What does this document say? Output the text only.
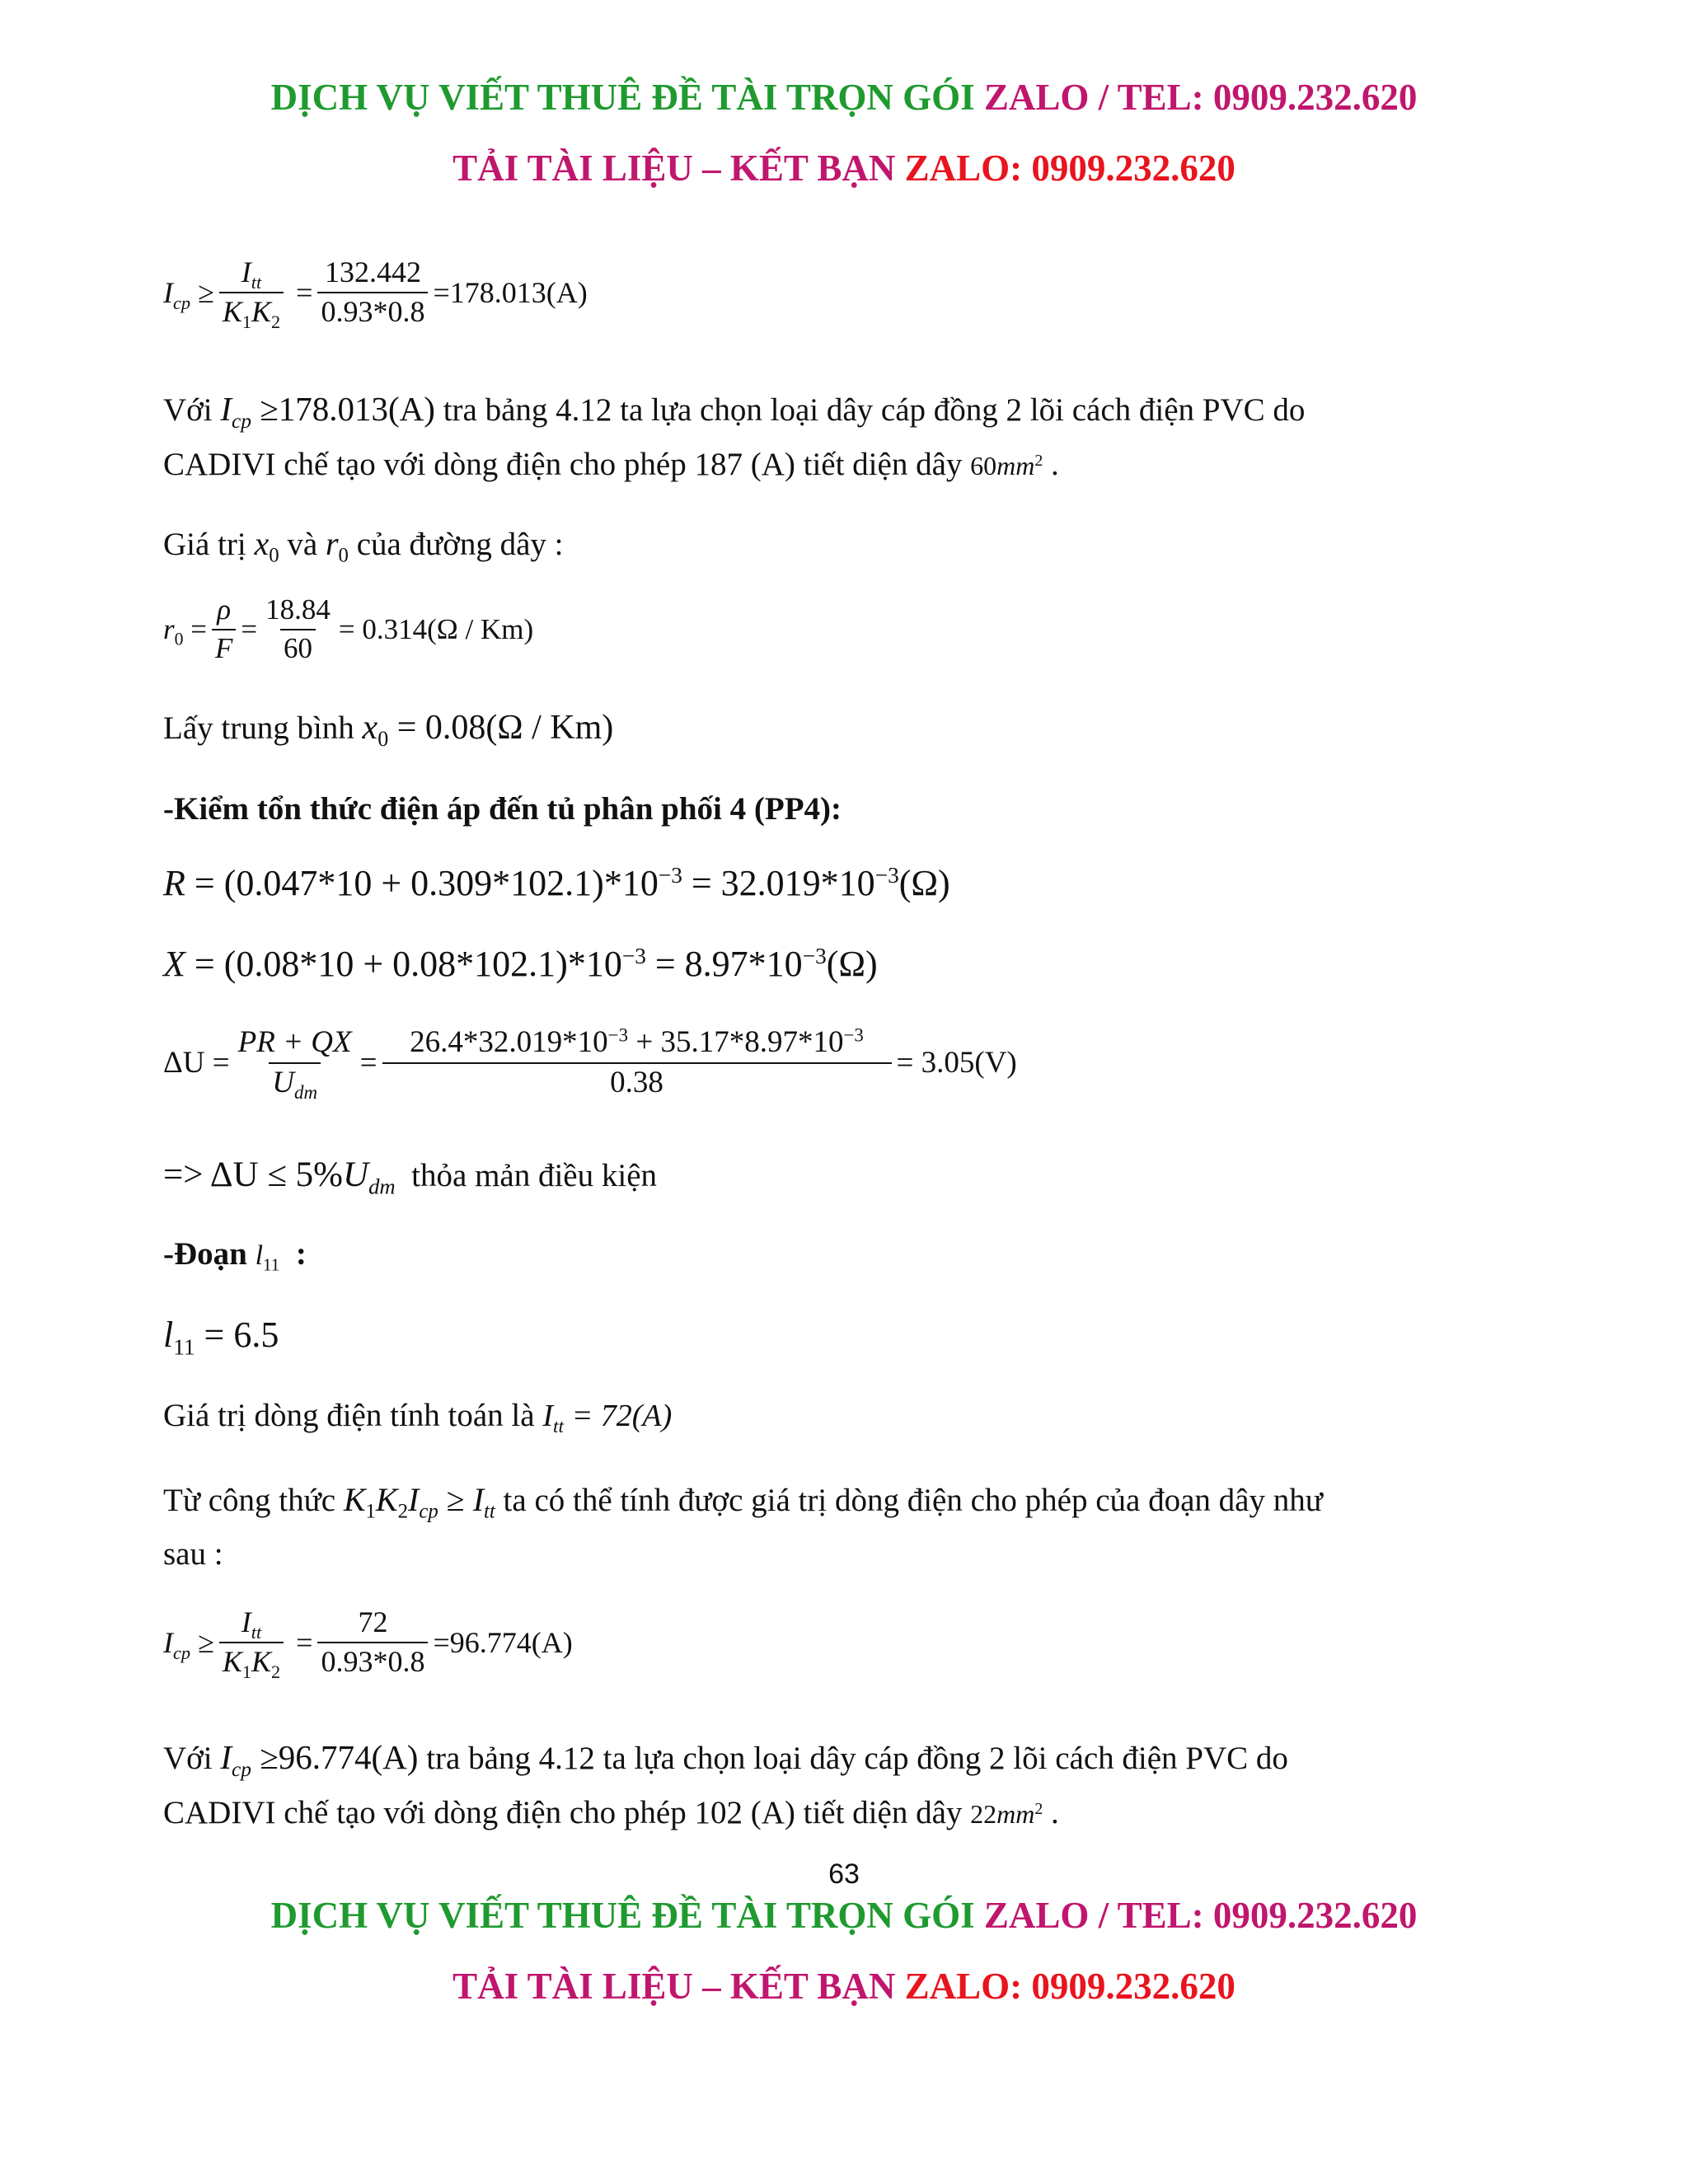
DỊCH VỤ VIẾT THUÊ ĐỀ TÀI TRỌN GÓI ZALO / TEL: 0909.232.620
TẢI TÀI LIỆU – KẾT BẠN ZALO: 0909.232.620
$I_{cp} \ge \frac{I_{tt}}{K_1K_2} = \frac{132.442}{0.93*0.8} =178.013(A)$
Với $I_{cp} \ge 178.013(A)$ tra bảng 4.12 ta lựa chọn loại dây cáp đồng 2 lõi cách điện PVC do
CADIVI chế tạo với dòng điện cho phép 187 (A) tiết diện dây $60mm^2$ .
Giá trị $x_0$ và $r_0$ của đường dây :
$r_0 = \frac{\rho}{F} = \frac{18.84}{60} = 0.314(\Omega / Km)$
Lấy trung bình $x_0 = 0.08(\Omega / Km)$
-Kiểm tổn thức điện áp đến tủ phân phối 4 (PP4):
$R = (0.047*10 + 0.309*102.1)*10^{-3} = 32.019*10^{-3}(\Omega)$
$X = (0.08*10 + 0.08*102.1)*10^{-3} = 8.97*10^{-3}(\Omega)$
$\Delta U = \frac{PR + QX}{U_{dm}} = \frac{26.4*32.019*10^{-3} + 35.17*8.97*10^{-3}}{0.38} = 3.05(V)$
=> $\Delta U \le 5\%U_{dm}$ thỏa mản điều kiện
-Đoạn $l_{11}$  :
$l_{11} = 6.5$
Giá trị dòng điện tính toán là $I_{tt} = 72(A)$
Từ công thức $K_1K_2I_{cp} \ge I_{tt}$ ta có thể tính được giá trị dòng điện cho phép của đoạn dây như
sau :
$I_{cp} \ge \frac{I_{tt}}{K_1K_2} = \frac{72}{0.93*0.8} =96.774(A)$
Với $I_{cp} \ge 96.774(A)$ tra bảng 4.12 ta lựa chọn loại dây cáp đồng 2 lõi cách điện PVC do
CADIVI chế tạo với dòng điện cho phép 102 (A) tiết diện dây $22mm^2$ .
63
DỊCH VỤ VIẾT THUÊ ĐỀ TÀI TRỌN GÓI ZALO / TEL: 0909.232.620
TẢI TÀI LIỆU – KẾT BẠN ZALO: 0909.232.620
